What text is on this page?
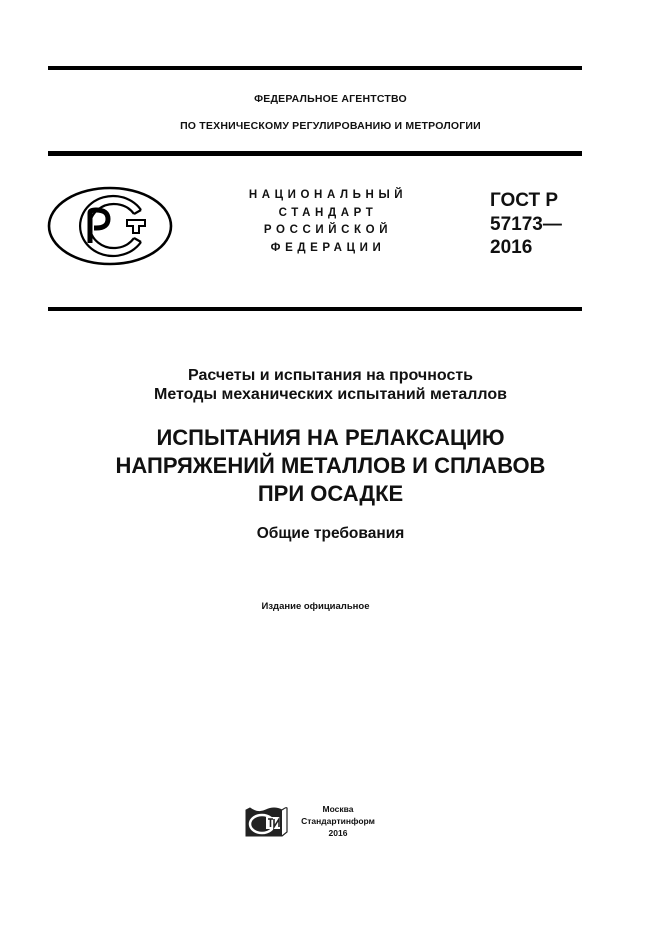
ФЕДЕРАЛЬНОЕ АГЕНТСТВО
ПО ТЕХНИЧЕСКОМУ РЕГУЛИРОВАНИЮ И МЕТРОЛОГИИ
НАЦИОНАЛЬНЫЙ
СТАНДАРТ
РОССИЙСКОЙ
ФЕДЕРАЦИИ
ГОСТ Р
57173—
2016
Расчеты и испытания на прочность
Методы механических испытаний металлов
ИСПЫТАНИЯ НА РЕЛАКСАЦИЮ
НАПРЯЖЕНИЙ МЕТАЛЛОВ И СПЛАВОВ
ПРИ ОСАДКЕ
Общие требования
Издание официальное
Москва
Стандартинформ
2016
